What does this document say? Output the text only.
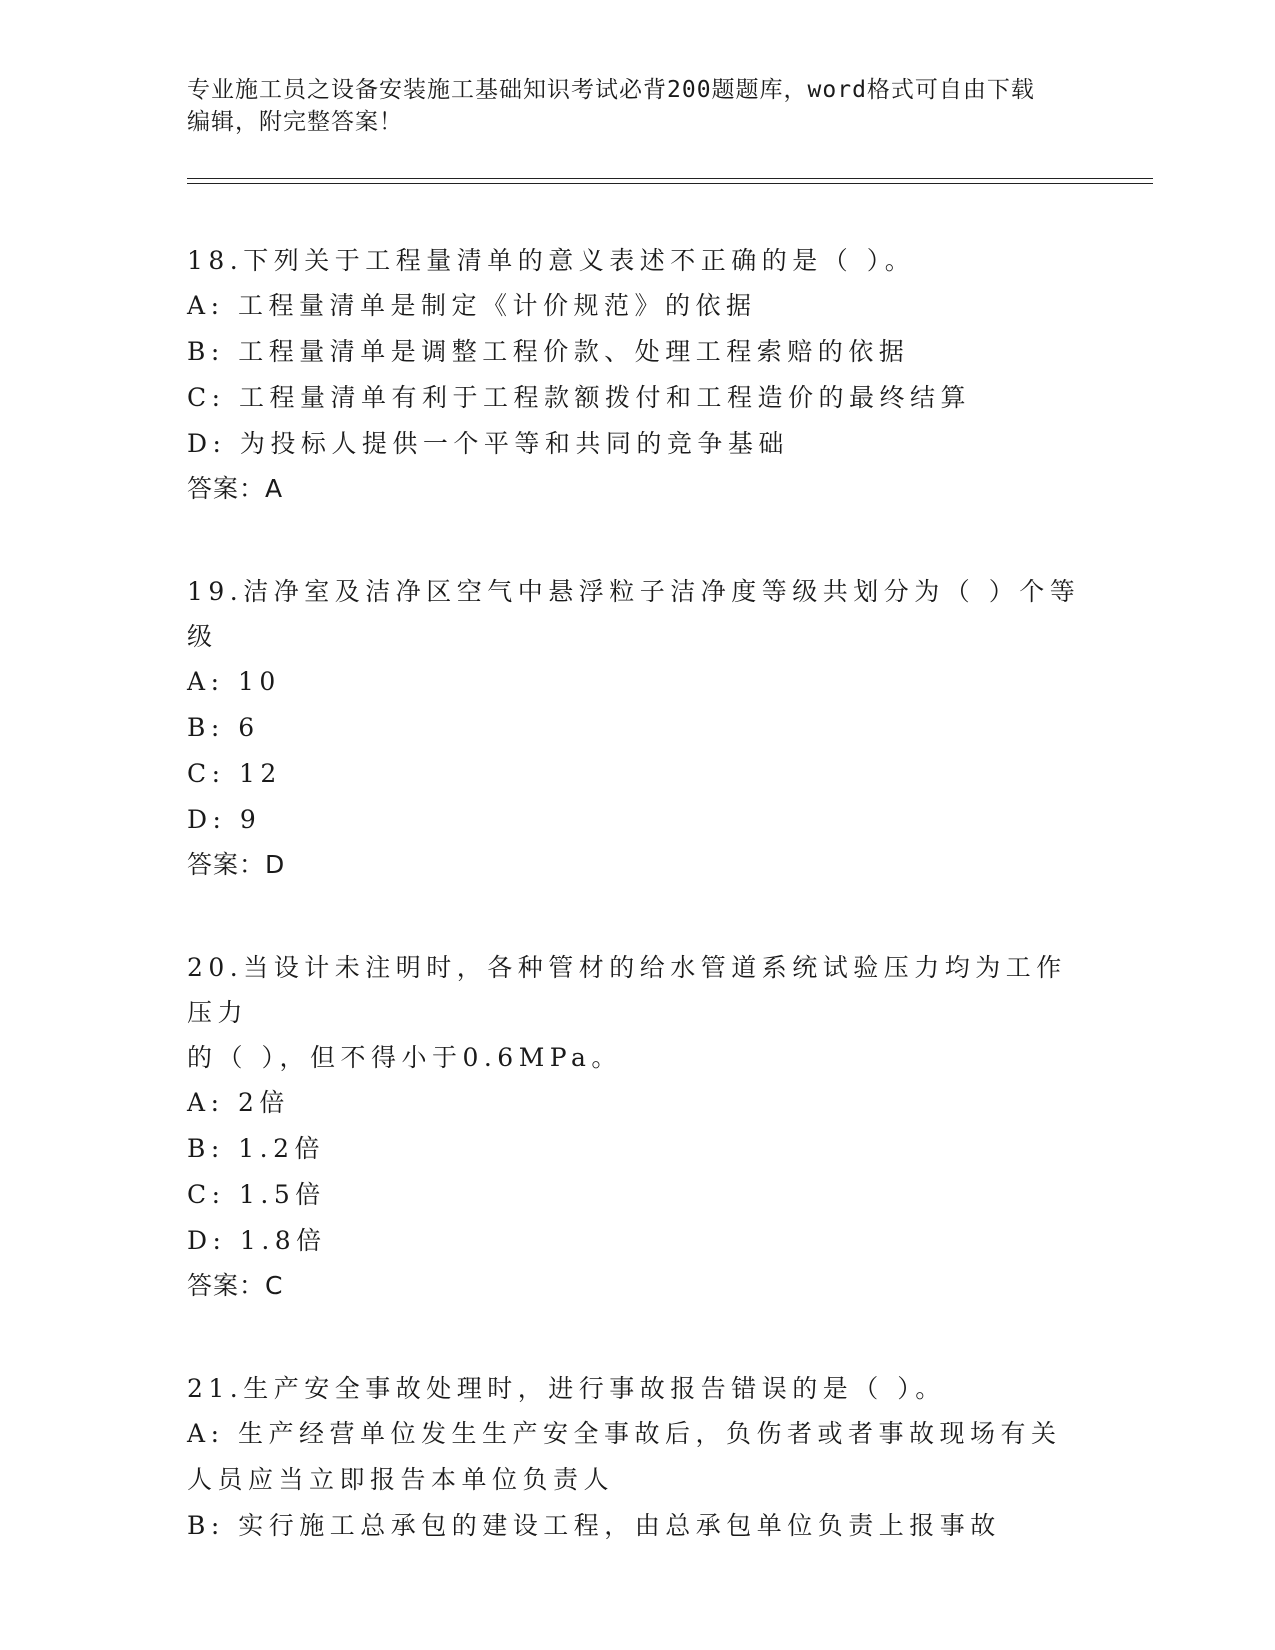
专业施工员之设备安装施工基础知识考试必背200题题库，word格式可自由下载
编辑，附完整答案！

18.下列关于工程量清单的意义表述不正确的是（ ）。

A: 工程量清单是制定《计价规范》的依据

B: 工程量清单是调整工程价款、处理工程索赔的依据

C: 工程量清单有利于工程款额拨付和工程造价的最终结算

D: 为投标人提供一个平等和共同的竞争基础

答案：A

19.洁净室及洁净区空气中悬浮粒子洁净度等级共划分为（ ）个等级

A: 10

B: 6

C: 12

D: 9

答案：D

20.当设计未注明时，各种管材的给水管道系统试验压力均为工作压力

的（ ），但不得小于0.6MPa。

A: 2倍

B: 1.2倍

C: 1.5倍

D: 1.8倍

答案：C

21.生产安全事故处理时，进行事故报告错误的是（ ）。

A: 生产经营单位发生生产安全事故后，负伤者或者事故现场有关人员应当立即报告本单位负责人

B: 实行施工总承包的建设工程，由总承包单位负责上报事故
